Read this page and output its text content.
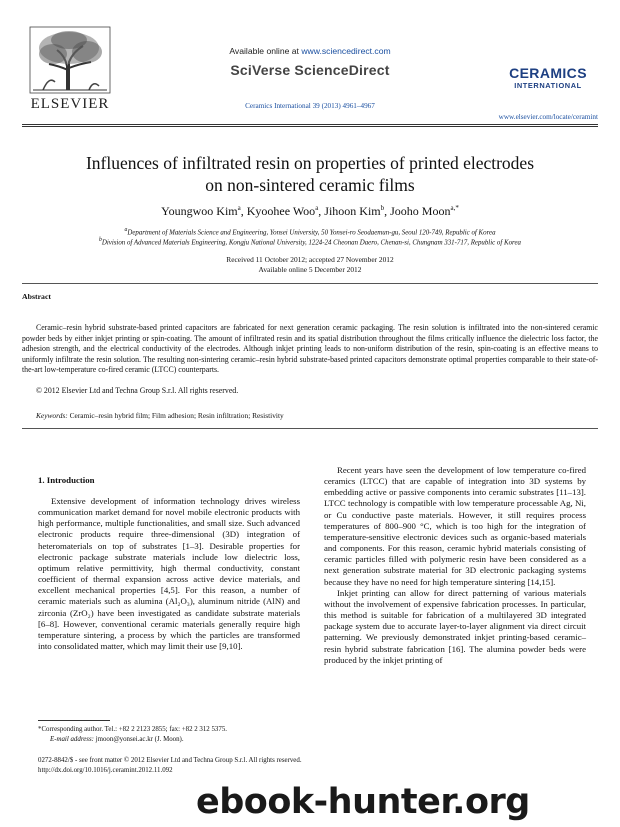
ELSEVIER
Available online at www.sciencedirect.com
SciVerse ScienceDirect
Ceramics International 39 (2013) 4961–4967
CERAMICS
INTERNATIONAL
www.elsevier.com/locate/ceramint
Influences of infiltrated resin on properties of printed electrodes
on non-sintered ceramic films
Youngwoo Kim$^a$, Kyoohee Woo$^a$, Jihoon Kim$^b$, Jooho Moon$^{a,*}$
$^a$Department of Materials Science and Engineering, Yonsei University, 50 Yonsei-ro Seodaemun-gu, Seoul 120-749, Republic of Korea
$^b$Division of Advanced Materials Engineering, Kongju National University, 1224-24 Cheonan Daero, Chenan-si, Chungnam 331-717, Republic of Korea
Received 11 October 2012; accepted 27 November 2012
Available online 5 December 2012
Abstract
Ceramic–resin hybrid substrate-based printed capacitors are fabricated for next generation ceramic packaging. The resin solution is infiltrated into the non-sintered ceramic powder beds by either inkjet printing or spin-coating. The amount of infiltrated resin and its spatial distribution throughout the films critically influence the dielectric loss factor, the adhesion strength, and the electrical conductivity of the electrodes. Although inkjet printing leads to non-uniform distribution of the resin, spin-coating is an effective means to uniformly infiltrate the resin solution. The resulting non-sintering ceramic–resin hybrid substrate-based printed capacitors demonstrate optimal properties comparable to their state-of-the-art low-temperature co-fired ceramic (LTCC) counterparts.
© 2012 Elsevier Ltd and Techna Group S.r.l. All rights reserved.
Keywords: Ceramic–resin hybrid film; Film adhesion; Resin infiltration; Resistivity
1. Introduction

Extensive development of information technology drives wireless communication market demand for novel mobile electronic products with high performance, multiple functionalities, and small size. Such advanced electronic products require three-dimensional (3D) integration of heteromaterials on top of substrates [1–3]. Desirable properties for electronic package substrate materials include low dielectric loss, optimum relative permittivity, high thermal conductivity, constant coefficient of thermal expansion across active device materials, and excellent mechanical properties [4,5]. For this reason, a number of ceramic materials such as alumina (Al₂O₃), aluminum nitride (AlN) and zirconia (ZrO₂) have been investigated as candidate substrate materials [6–8]. However, conventional ceramic materials generally require high temperature sintering, a process by which the particles are transformed into consolidated matter, which may limit their use [9,10].

Recent years have seen the development of low temperature co-fired ceramics (LTCC) that are capable of integration into 3D systems by embedding active or passive components into ceramic substrates [11–13]. LTCC technology is compatible with low temperature processable Ag, Ni, or Cu conductive paste materials. However, it still requires process temperatures of 800–900 °C, which is too high for the integration of temperature-sensitive electronic devices such as organic-based materials and components. For this reason, ceramic hybrid materials consisting of ceramic particles filled with polymeric resin have been considered as a next generation substrate material for 3D electronic packaging systems because they have no need for high temperature sintering [14,15].

Inkjet printing can allow for direct patterning of various materials without the involvement of expensive fabrication processes. In particular, this method is suitable for fabrication of a multilayered 3D integrated package system due to accurate layer-to-layer alignment via direct circuit patterning. We previously demonstrated inkjet printing-based ceramic–resin hybrid substrate fabrication [16]. The alumina powder beds were produced by the inkjet printing of

*Corresponding author. Tel.: +82 2 2123 2855; fax: +82 2 312 5375.
E-mail address: jmoon@yonsei.ac.kr (J. Moon).
0272-8842/$ - see front matter © 2012 Elsevier Ltd and Techna Group S.r.l. All rights reserved.
http://dx.doi.org/10.1016/j.ceramint.2012.11.092
ebook-hunter.org
